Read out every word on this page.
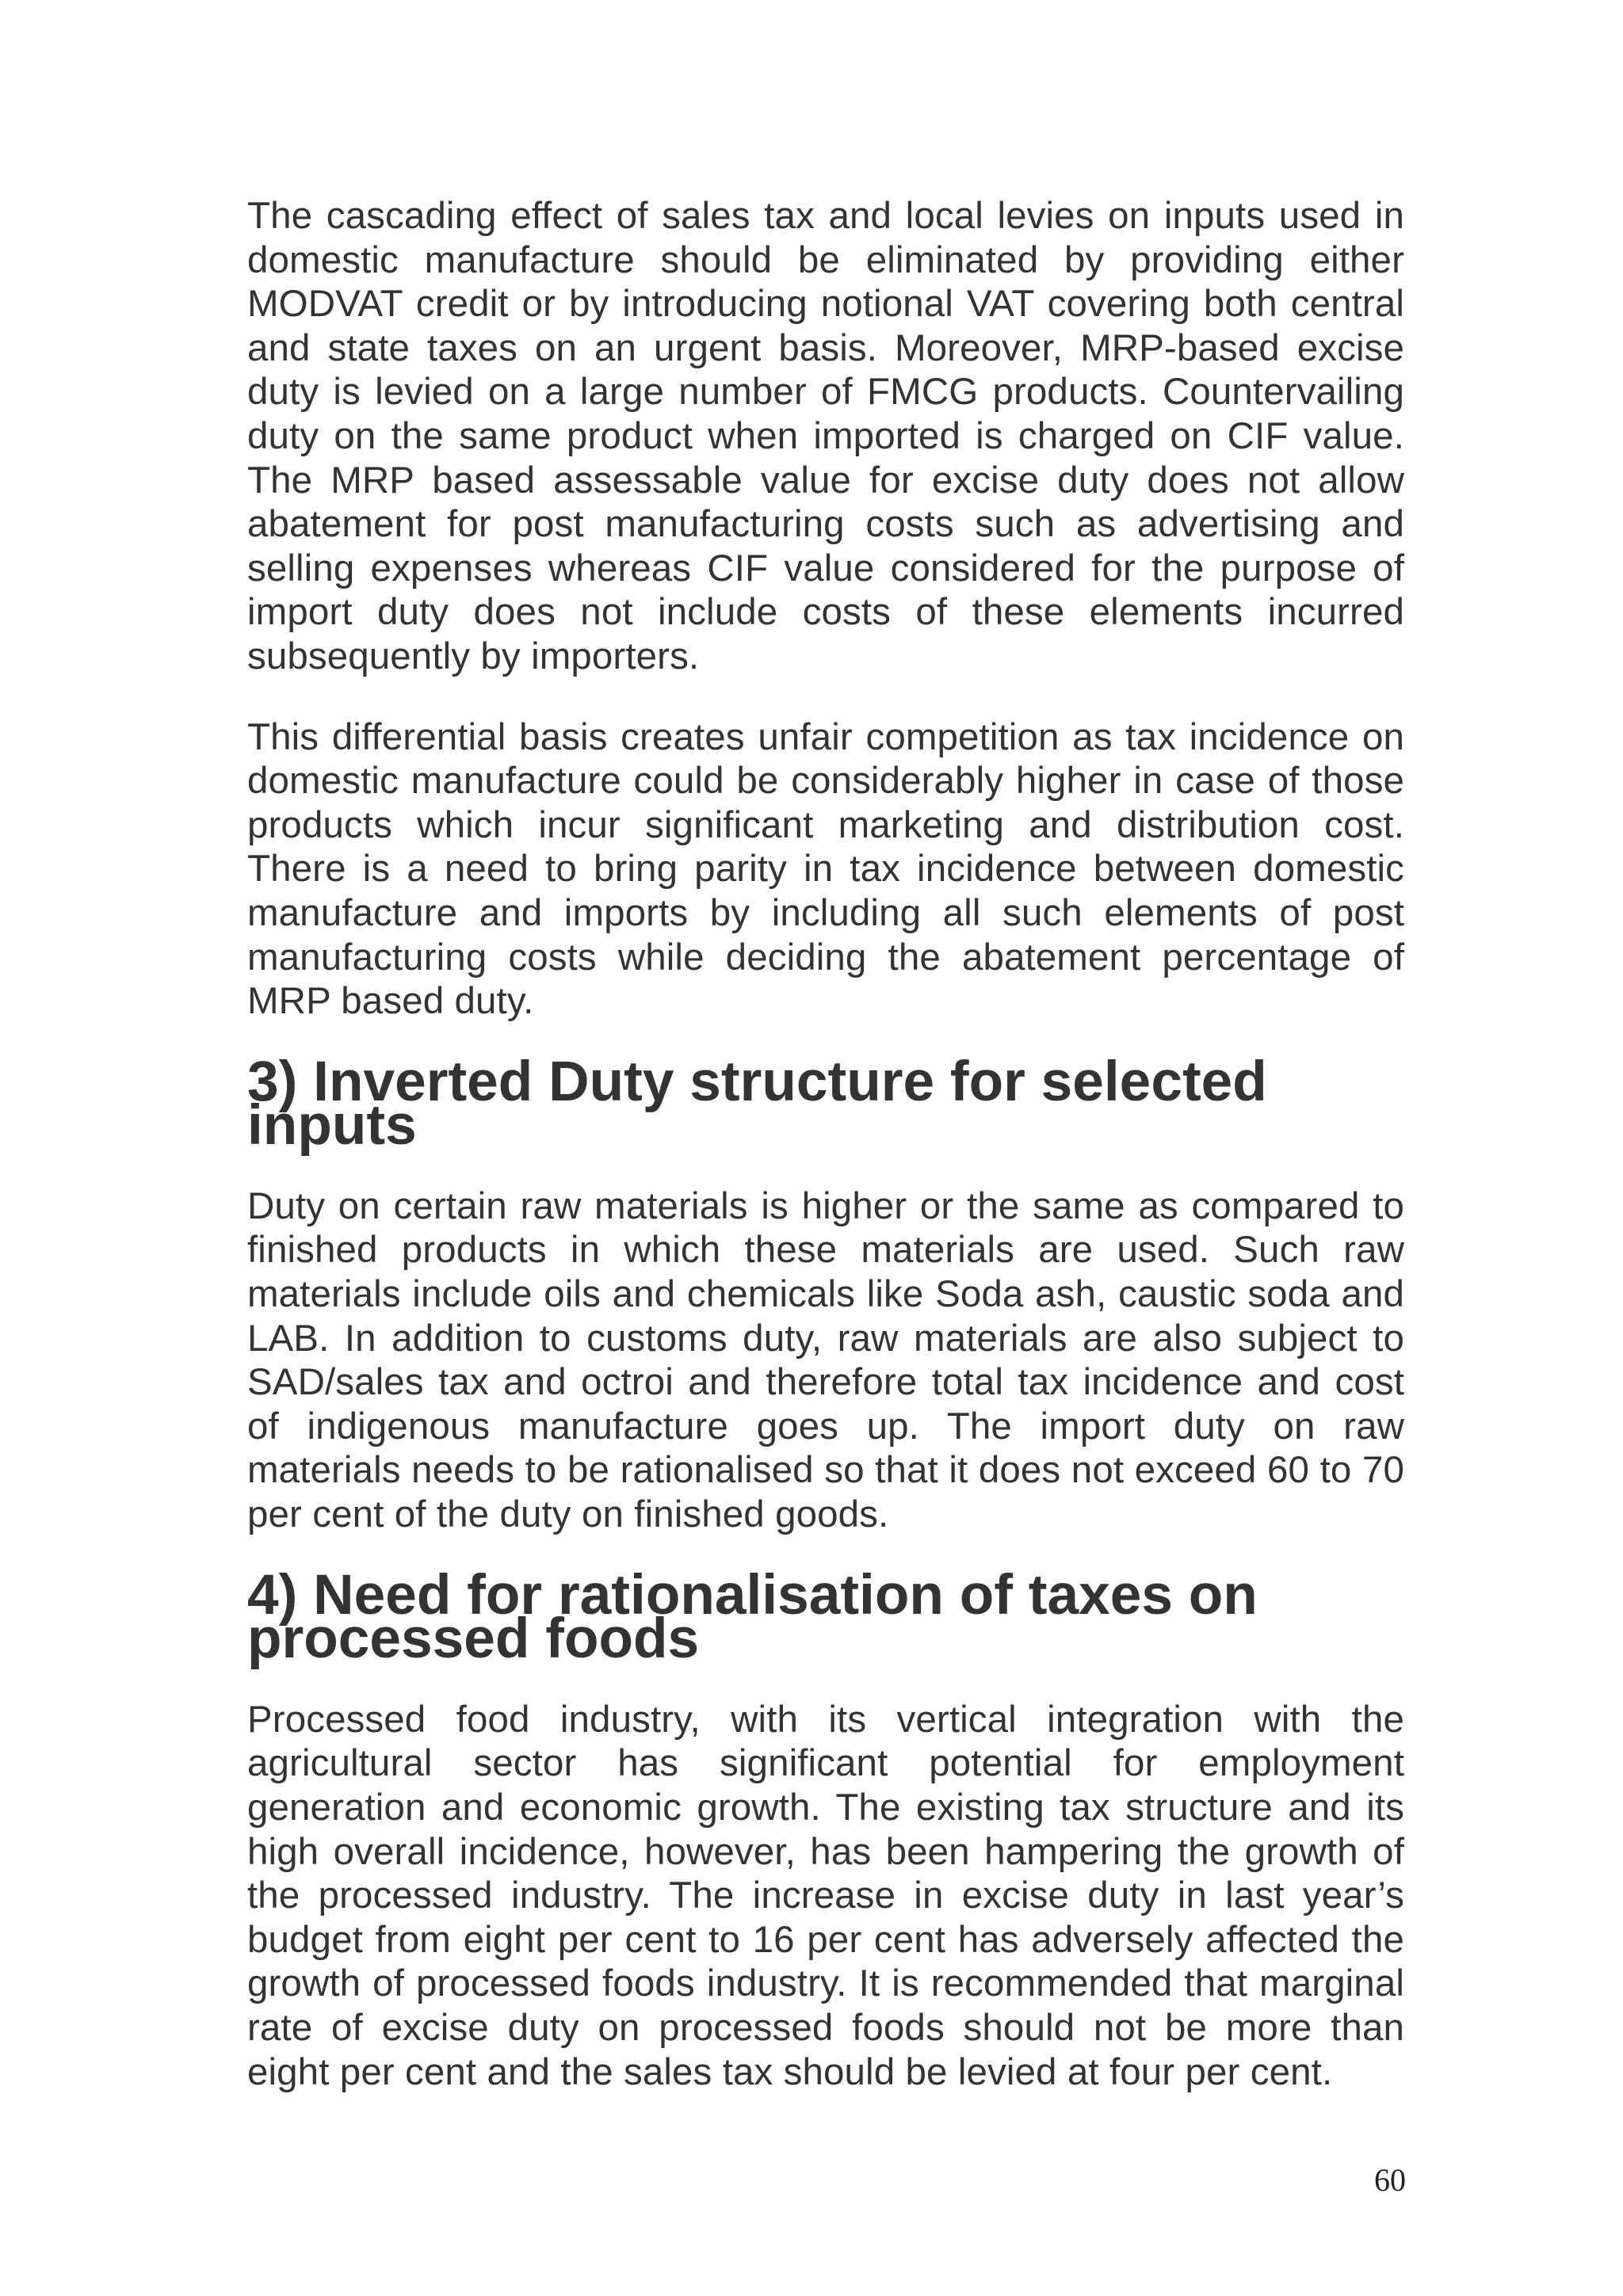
The cascading effect of sales tax and local levies on inputs used in domestic manufacture should be eliminated by providing either MODVAT credit or by introducing notional VAT covering both central and state taxes on an urgent basis. Moreover, MRP-based excise duty is levied on a large number of FMCG products. Countervailing duty on the same product when imported is charged on CIF value. The MRP based assessable value for excise duty does not allow abatement for post manufacturing costs such as advertising and selling expenses whereas CIF value considered for the purpose of import duty does not include costs of these elements incurred subsequently by importers.

This differential basis creates unfair competition as tax incidence on domestic manufacture could be considerably higher in case of those products which incur significant marketing and distribution cost. There is a need to bring parity in tax incidence between domestic manufacture and imports by including all such elements of post manufacturing costs while deciding the abatement percentage of MRP based duty.

3) Inverted Duty structure for selected inputs

Duty on certain raw materials is higher or the same as compared to finished products in which these materials are used. Such raw materials include oils and chemicals like Soda ash, caustic soda and LAB. In addition to customs duty, raw materials are also subject to SAD/sales tax and octroi and therefore total tax incidence and cost of indigenous manufacture goes up. The import duty on raw materials needs to be rationalised so that it does not exceed 60 to 70 per cent of the duty on finished goods.

4) Need for rationalisation of taxes on processed foods

Processed food industry, with its vertical integration with the agricultural sector has significant potential for employment generation and economic growth. The existing tax structure and its high overall incidence, however, has been hampering the growth of the processed industry. The increase in excise duty in last year’s budget from eight per cent to 16 per cent has adversely affected the growth of processed foods industry. It is recommended that marginal rate of excise duty on processed foods should not be more than eight per cent and the sales tax should be levied at four per cent.

60
